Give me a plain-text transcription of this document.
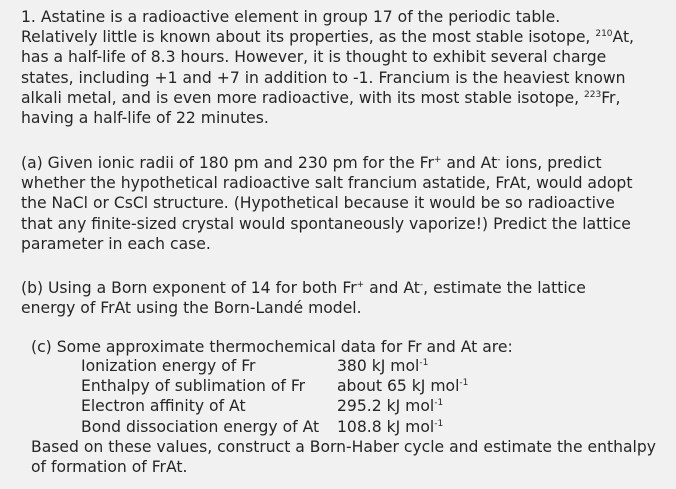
1. Astatine is a radioactive element in group 17 of the periodic table.
Relatively little is known about its properties, as the most stable isotope, $^{210}$At,
has a half-life of 8.3 hours. However, it is thought to exhibit several charge
states, including +1 and +7 in addition to -1. Francium is the heaviest known
alkali metal, and is even more radioactive, with its most stable isotope, $^{223}$Fr,
having a half-life of 22 minutes.
(a) Given ionic radii of 180 pm and 230 pm for the Fr+ and At- ions, predict
whether the hypothetical radioactive salt francium astatide, FrAt, would adopt
the NaCl or CsCl structure. (Hypothetical because it would be so radioactive
that any finite-sized crystal would spontaneously vaporize!) Predict the lattice
parameter in each case.
(b) Using a Born exponent of 14 for both Fr+ and At-, estimate the lattice
energy of FrAt using the Born-Landé model.
(c) Some approximate thermochemical data for Fr and At are:
Ionization energy of Fr	380 kJ mol$^{-1}$
Enthalpy of sublimation of Fr about 65 kJ mol$^{-1}$
Electron affinity of At	295.2 kJ mol$^{-1}$
Bond dissociation energy of At 108.8 kJ mol$^{-1}$
Based on these values, construct a Born-Haber cycle and estimate the enthalpy
of formation of FrAt.
